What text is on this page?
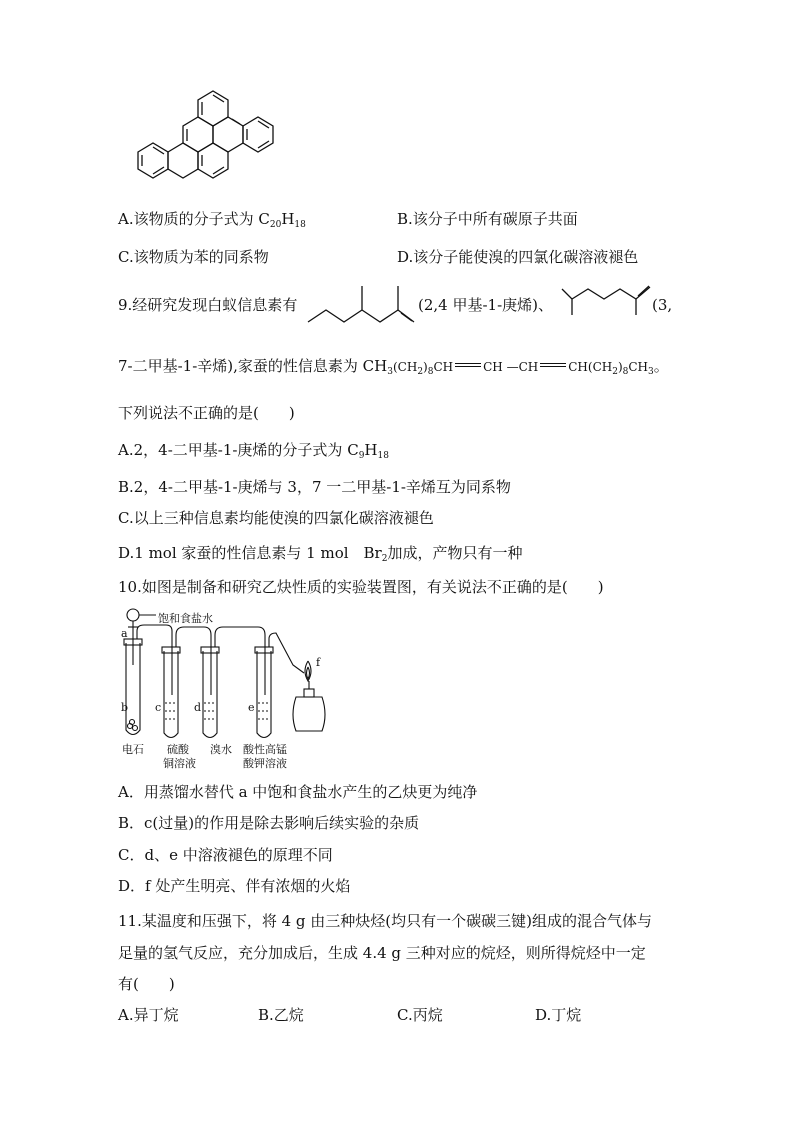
A.该物质的分子式为 $C_{20}H_{18}$	B.该分子中所有碳原子共面
C.该物质为苯的同系物	D.该分子能使溴的四氯化碳溶液褪色
9.经研究发现白蚁信息素有	(2,4 甲基-1-庚烯)、	(3,
7-二甲基-1-辛烯),家蚕的性信息素为 $CH_3(CH_2)_8CH$	CH —CH	$CH(CH_2)_8CH_3$。
下列说法不正确的是(　　)
A.2，4-二甲基-1-庚烯的分子式为 $C_9H_{18}$
B.2，4-二甲基-1-庚烯与 3，7 一二甲基-1-辛烯互为同系物
C.以上三种信息素均能使溴的四氯化碳溶液褪色
D.1 mol 家蚕的性信息素与 1 mol　$Br_2$加成，产物只有一种
10.如图是制备和研究乙炔性质的实验装置图，有关说法不正确的是(　　)
饱和食盐水
a
b c	d	e
f
电石 硫酸
铜溶液
溴水 酸性高锰
酸钾溶液
A．用蒸馏水替代 a 中饱和食盐水产生的乙炔更为纯净
B．c(过量)的作用是除去影响后续实验的杂质
C．d、e 中溶液褪色的原理不同
D．f 处产生明亮、伴有浓烟的火焰
11.某温度和压强下，将 4 g 由三种炔烃(均只有一个碳碳三键)组成的混合气体与
足量的氢气反应，充分加成后，生成 4.4 g 三种对应的烷烃，则所得烷烃中一定
有(　　)
A.异丁烷	B.乙烷	C.丙烷	D.丁烷
